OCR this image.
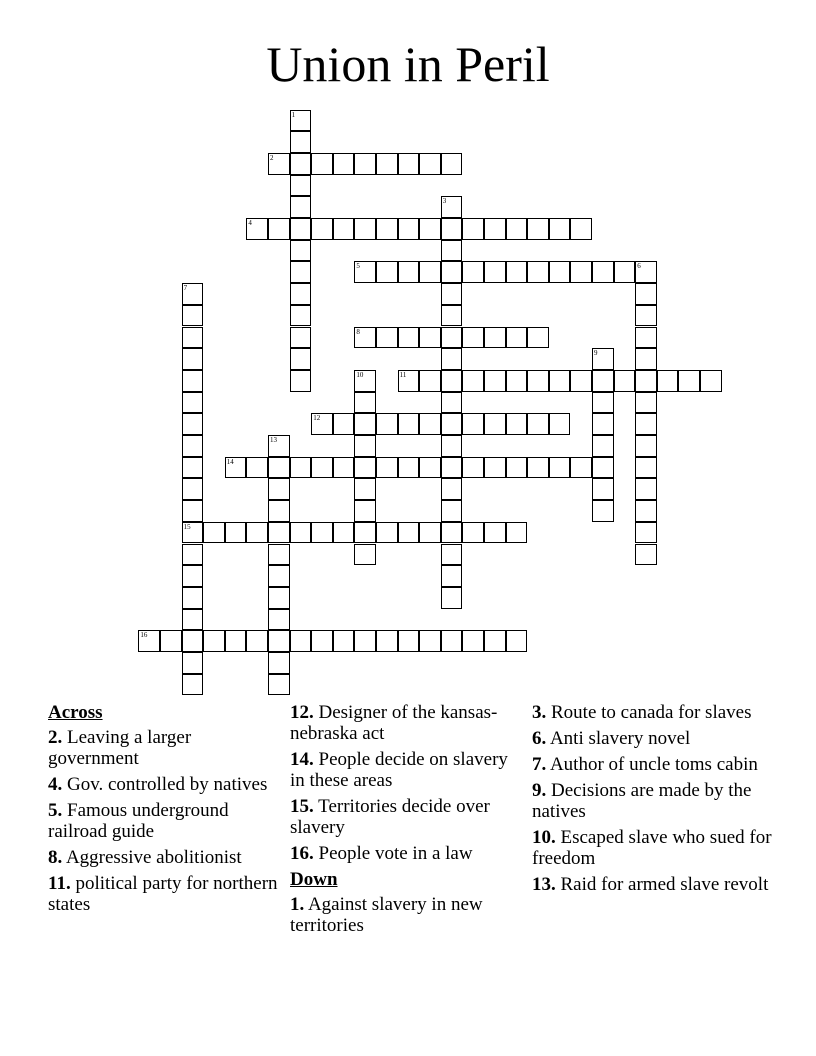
Union in Peril
1
2
3
4
5	6
7
15
8
9
10	11
12
13
14
16
Across
2. Leaving a larger government
4. Gov. controlled by natives
5. Famous underground railroad guide
8. Aggressive abolitionist
11. political party for northern states
12. Designer of the kansas-nebraska act
14. People decide on slavery in these areas
15. Territories decide over slavery
16. People vote in a law
Down
1. Against slavery in new territories
3. Route to canada for slaves
6. Anti slavery novel
7. Author of uncle toms cabin
9. Decisions are made by the natives
10. Escaped slave who sued for freedom
13. Raid for armed slave revolt
